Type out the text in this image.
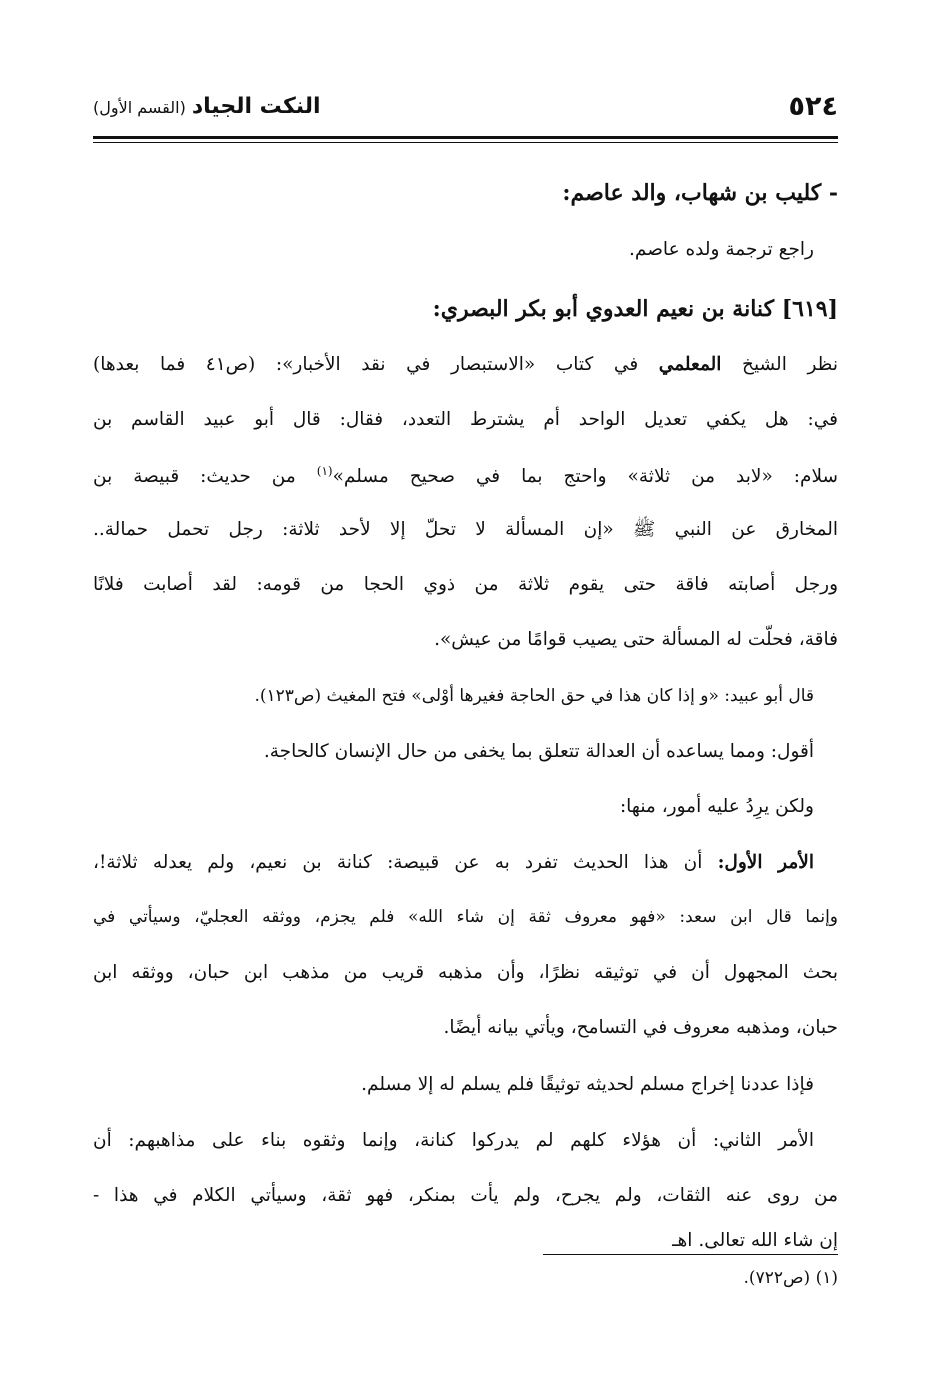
٥٢٤
النكت الجياد(القسم الأول)
- كليب بن شهاب، والد عاصم:
راجع ترجمة ولده عاصم.
[٦١٩] كنانة بن نعيم العدوي أبو بكر البصري:
نظر الشيخ المعلمي في كتاب «الاستبصار في نقد الأخبار»: (ص٤١ فما بعدها)
في: هل يكفي تعديل الواحد أم يشترط التعدد، فقال: قال أبو عبيد القاسم بن
سلام: «لابد من ثلاثة» واحتج بما في صحيح مسلم»$^{(١)}$ من حديث: قبيصة بن
المخارق عن النبي ﷺ «إن المسألة لا تحلّ إلا لأحد ثلاثة: رجل تحمل حمالة..
ورجل أصابته فاقة حتى يقوم ثلاثة من ذوي الحجا من قومه: لقد أصابت فلانًا
فاقة، فحلّت له المسألة حتى يصيب قوامًا من عيش».
قال أبو عبيد: «و إذا كان هذا في حق الحاجة فغيرها أوْلى» فتح المغيث (ص١٢٣).
أقول: ومما يساعده أن العدالة تتعلق بما يخفى من حال الإنسان كالحاجة.
ولكن يرِدُ عليه أمور، منها:
الأمر الأول: أن هذا الحديث تفرد به عن قبيصة: كنانة بن نعيم، ولم يعدله ثلاثة!،
وإنما قال ابن سعد: «فهو معروف ثقة إن شاء الله» فلم يجزم، ووثقه العجليّ، وسيأتي في
بحث المجهول أن في توثيقه نظرًا، وأن مذهبه قريب من مذهب ابن حبان، ووثقه ابن
حبان، ومذهبه معروف في التسامح، ويأتي بيانه أيضًا.
فإذا عددنا إخراج مسلم لحديثه توثيقًا فلم يسلم له إلا مسلم.
الأمر الثاني: أن هؤلاء كلهم لم يدركوا كنانة، وإنما وثقوه بناء على مذاهبهم: أن
من روى عنه الثقات، ولم يجرح، ولم يأت بمنكر، فهو ثقة، وسيأتي الكلام في هذا -
إن شاء الله تعالى. اهـ
(١) (ص٧٢٢).
